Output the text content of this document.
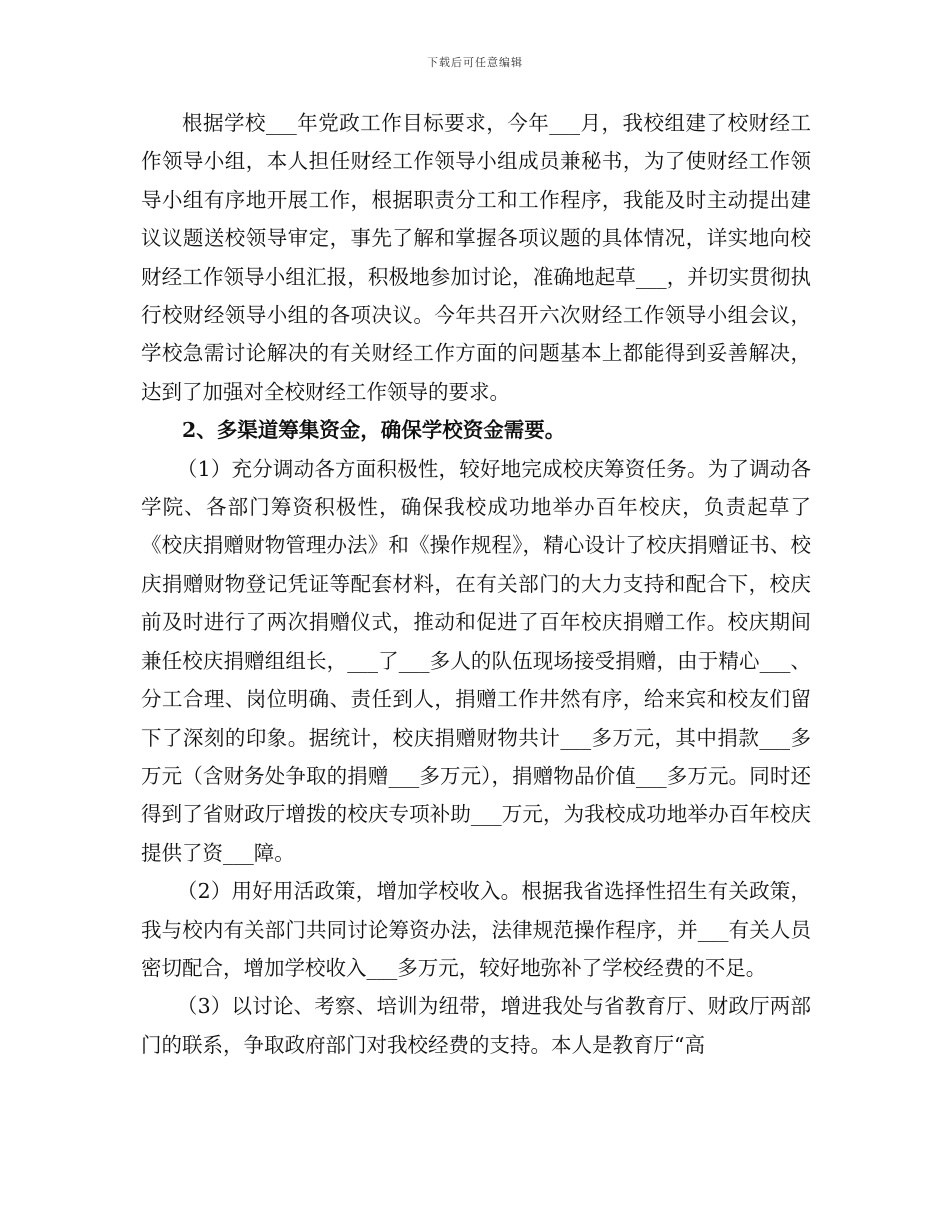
下载后可任意编辑

根据学校___年党政工作目标要求，今年___月，我校组建了校财经工作领导小组，本人担任财经工作领导小组成员兼秘书，为了使财经工作领导小组有序地开展工作，根据职责分工和工作程序，我能及时主动提出建议议题送校领导审定，事先了解和掌握各项议题的具体情况，详实地向校财经工作领导小组汇报，积极地参加讨论，准确地起草___，并切实贯彻执行校财经领导小组的各项决议。今年共召开六次财经工作领导小组会议，学校急需讨论解决的有关财经工作方面的问题基本上都能得到妥善解决，达到了加强对全校财经工作领导的要求。

2、多渠道筹集资金，确保学校资金需要。

（1）充分调动各方面积极性，较好地完成校庆筹资任务。为了调动各学院、各部门筹资积极性，确保我校成功地举办百年校庆，负责起草了《校庆捐赠财物管理办法》和《操作规程》，精心设计了校庆捐赠证书、校庆捐赠财物登记凭证等配套材料，在有关部门的大力支持和配合下，校庆前及时进行了两次捐赠仪式，推动和促进了百年校庆捐赠工作。校庆期间兼任校庆捐赠组组长，___了___多人的队伍现场接受捐赠，由于精心___、分工合理、岗位明确、责任到人，捐赠工作井然有序，给来宾和校友们留下了深刻的印象。据统计，校庆捐赠财物共计___多万元，其中捐款___多万元（含财务处争取的捐赠___多万元），捐赠物品价值___多万元。同时还得到了省财政厅增拨的校庆专项补助___万元，为我校成功地举办百年校庆提供了资___障。

（2）用好用活政策，增加学校收入。根据我省选择性招生有关政策，我与校内有关部门共同讨论筹资办法，法律规范操作程序，并___有关人员密切配合，增加学校收入___多万元，较好地弥补了学校经费的不足。

（3）以讨论、考察、培训为纽带，增进我处与省教育厅、财政厅两部门的联系，争取政府部门对我校经费的支持。本人是教育厅“高
